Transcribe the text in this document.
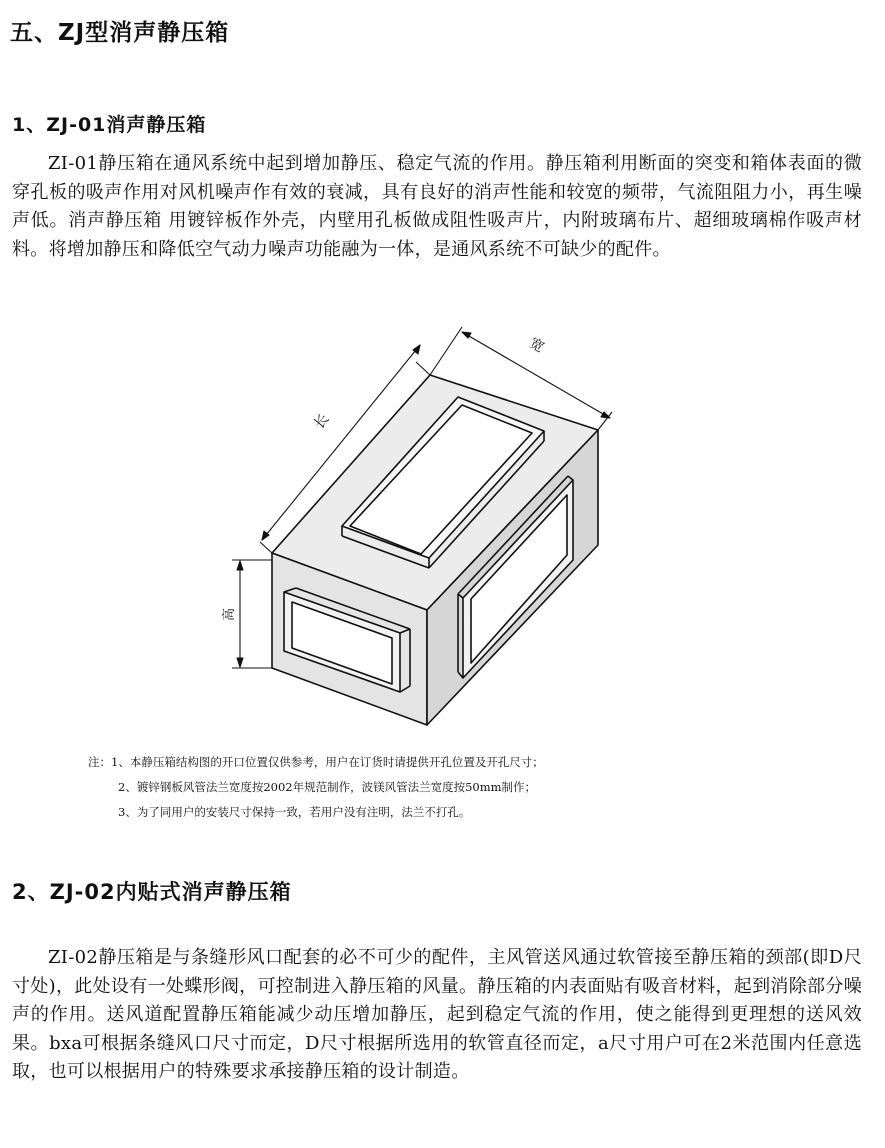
五、ZJ型消声静压箱
1、ZJ-01消声静压箱

ZI-01静压箱在通风系统中起到增加静压、稳定气流的作用。静压箱利用断面的突变和箱体表面的微穿孔板的吸声作用对风机噪声作有效的衰减，具有良好的消声性能和较宽的频带，气流阻阻力小，再生噪声低。消声静压箱 用镀锌板作外壳，内壁用孔板做成阻性吸声片，内附玻璃布片、超细玻璃棉作吸声材料。将增加静压和降低空气动力噪声功能融为一体，是通风系统不可缺少的配件。

长
宽
高
注：1、本静压箱结构图的开口位置仅供参考，用户在订货时请提供开孔位置及开孔尺寸；
2、镀锌钢板风管法兰宽度按2002年规范制作，波镁风管法兰宽度按50mm制作；
3、为了同用户的安装尺寸保持一致，若用户没有注明，法兰不打孔。
2、ZJ-02内贴式消声静压箱

ZI-02静压箱是与条缝形风口配套的必不可少的配件，主风管送风通过软管接至静压箱的颈部(即D尺寸处)，此处设有一处蝶形阀，可控制进入静压箱的风量。静压箱的内表面贴有吸音材料，起到消除部分噪声的作用。送风道配置静压箱能减少动压增加静压，起到稳定气流的作用，使之能得到更理想的送风效果。bxa可根据条缝风口尺寸而定，D尺寸根据所选用的软管直径而定，a尺寸用户可在2米范围内任意选取，也可以根据用户的特殊要求承接静压箱的设计制造。
